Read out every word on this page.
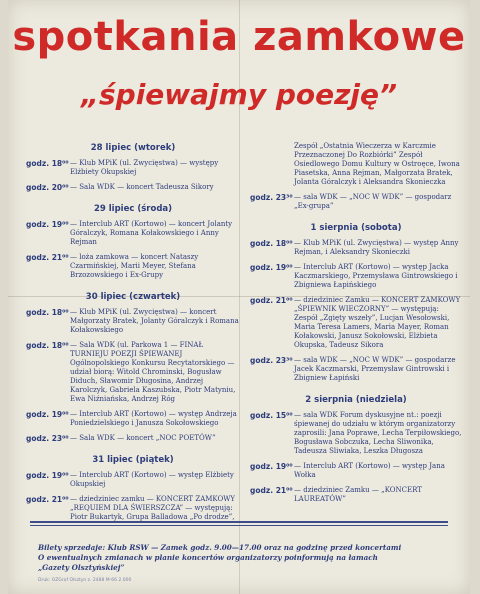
spotkania zamkowe
„śpiewajmy poezję”
28 lipiec (wtorek)
godz. 18⁰⁰ — Klub MPiK (ul. Zwycięstwa) — występy Elżbiety Okupskiej
godz. 20⁰⁰ — Sala WDK — koncert Tadeusza Sikory
29 lipiec (środa)
godz. 19⁰⁰ — Interclub ART (Kortowo) — koncert Jolanty Góralczyk, Romana Kołakowskiego i Anny Rejman
godz. 21⁰⁰ — loża zamkowa — koncert Nataszy Czarmińskiej, Marii Meyer, Stefana Brzozowskiego i Ex-Grupy
30 lipiec (czwartek)
godz. 18⁰⁰ — Klub MPiK (ul. Zwycięstwa) — koncert Małgorzaty Bratek, Jolanty Góralczyk i Romana Kołakowskiego
godz. 18⁰⁰ — Sala WDK (ul. Parkowa 1 — FINAŁ TURNIEJU POEZJI ŚPIEWANEJ Ogólnopolskiego Konkursu Recytatorskiego — udział biorą: Witold Chrominski, Bogusław Diduch, Sławomir Długosina, Andrzej Karolczyk, Gabriela Kaszubska, Piotr Matyniu, Ewa Niźniańska, Andrzej Róg
godz. 19⁰⁰ — Interclub ART (Kortowo) — występ Andrzeja Poniedzielskiego i Janusza Sokołowskiego
godz. 23⁰⁰ — Sala WDK — koncert „NOC POETÓW”
31 lipiec (piątek)
godz. 19⁰⁰ — Interclub ART (Kortowo) — występ Elżbiety Okupskiej
godz. 21⁰⁰ — dziedziniec zamku — KONCERT ZAMKOWY „REQUIEM DLA ŚWIERSZCZA” — występują: Piotr Bukartyk, Grupa Balladowa „Po drodze”,
Zespół „Ostatnia Wieczerza w Karczmie Przeznaczonej Do Rozbiórki” Zespół Osiedlowego Domu Kultury w Ostroęce, Iwona Piasetska, Anna Rejman, Małgorzata Bratek, Jolanta Góralczyk i Aleksandra Skonieczka
godz. 23³⁰ — sala WDK — „NOC W WDK” — gospodarz „Ex-grupa”
1 sierpnia (sobota)
godz. 18⁰⁰ — Klub MPiK (ul. Zwycięstwa) — występ Anny Rejman, i Aleksandry Skonieczki
godz. 19⁰⁰ — Interclub ART (Kortowo) — występ Jacka Kaczmarskiego, Przemysława Gintrowskiego i Zbigniewa Łapińskiego
godz. 21⁰⁰ — dziedziniec Zamku — KONCERT ZAMKOWY „ŚPIEWNIK WIECZORNY” — występują: Zespół „Zgięty wszeły”, Lucjan Wesołowski, Maria Teresa Lamers, Maria Mayer, Roman Kołakowski, Janusz Sokołowski, Elżbieta Okupska, Tadeusz Sikora
godz. 23³⁰ — sala WDK — „NOC W WDK” — gospodarze Jacek Kaczmarski, Przemysław Gintrowski i Zbigniew Łapiński
2 sierpnia (niedziela)
godz. 15⁰⁰ — sala WDK Forum dyskusyjne nt.: poezji śpiewanej do udziału w którym organizatorzy zaprosili: Jana Poprawe, Lecha Terpiłowskiego, Bogusława Sobczuka, Lecha Sliwonika, Tadeusza Sliwiaka, Leszka Długosza
godz. 19⁰⁰ — Interclub ART (Kortowo) — występ Jana Wołka
godz. 21⁰⁰ — dziedziniec Zamku — „KONCERT LAUREATÓW”
Bilety sprzedaje: Klub RSW — Zamek godz. 9.00—17.00 oraz na godzinę przed koncertami
O ewentualnych zmianach w planie koncertów organizatorzy poinformują na łamach
„Gazety Olsztyńskiej”
Druk: OZGraf Olsztyn z. 2488 M-66 2.000
